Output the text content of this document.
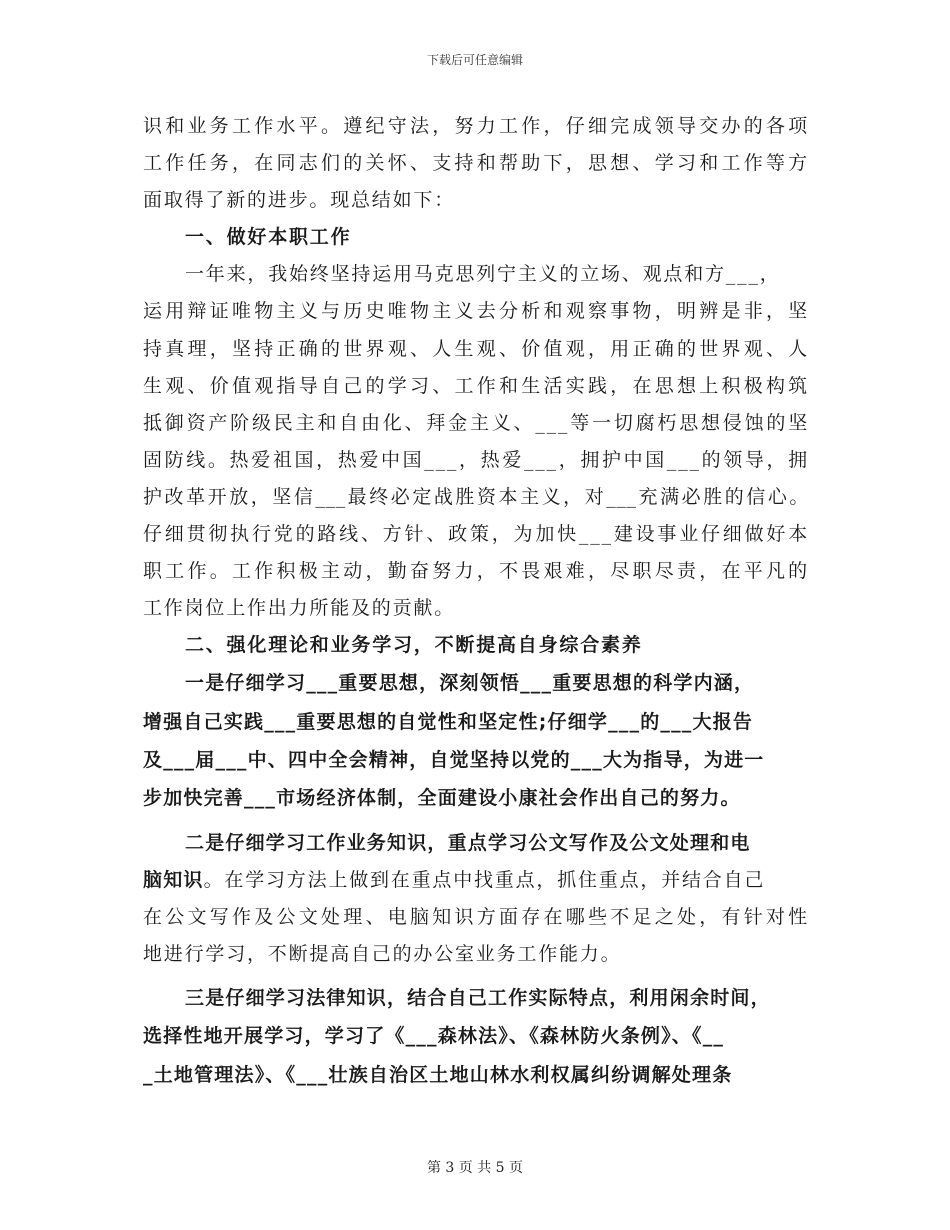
下载后可任意编辑
识和业务工作水平。遵纪守法，努力工作，仔细完成领导交办的各项
工作任务，在同志们的关怀、支持和帮助下，思想、学习和工作等方
面取得了新的进步。现总结如下：
一、做好本职工作
一年来，我始终坚持运用马克思列宁主义的立场、观点和方___，
运用辩证唯物主义与历史唯物主义去分析和观察事物，明辨是非，坚
持真理，坚持正确的世界观、人生观、价值观，用正确的世界观、人
生观、价值观指导自己的学习、工作和生活实践，在思想上积极构筑
抵御资产阶级民主和自由化、拜金主义、___等一切腐朽思想侵蚀的坚
固防线。热爱祖国，热爱中国___，热爱___，拥护中国___的领导，拥
护改革开放，坚信___最终必定战胜资本主义，对___充满必胜的信心。
仔细贯彻执行党的路线、方针、政策，为加快___建设事业仔细做好本
职工作。工作积极主动，勤奋努力，不畏艰难，尽职尽责，在平凡的
工作岗位上作出力所能及的贡献。
二、强化理论和业务学习，不断提高自身综合素养
一是仔细学习___重要思想，深刻领悟___重要思想的科学内涵，
增强自己实践___重要思想的自觉性和坚定性;仔细学___的___大报告
及___届___中、四中全会精神，自觉坚持以党的___大为指导，为进一
步加快完善___市场经济体制，全面建设小康社会作出自己的努力。
二是仔细学习工作业务知识，重点学习公文写作及公文处理和电
脑知识。在学习方法上做到在重点中找重点，抓住重点，并结合自己
在公文写作及公文处理、电脑知识方面存在哪些不足之处，有针对性
地进行学习，不断提高自己的办公室业务工作能力。
三是仔细学习法律知识，结合自己工作实际特点，利用闲余时间，
选择性地开展学习，学习了《___森林法》、《森林防火条例》、《__
_土地管理法》、《___壮族自治区土地山林水利权属纠纷调解处理条
第 3 页 共 5 页
